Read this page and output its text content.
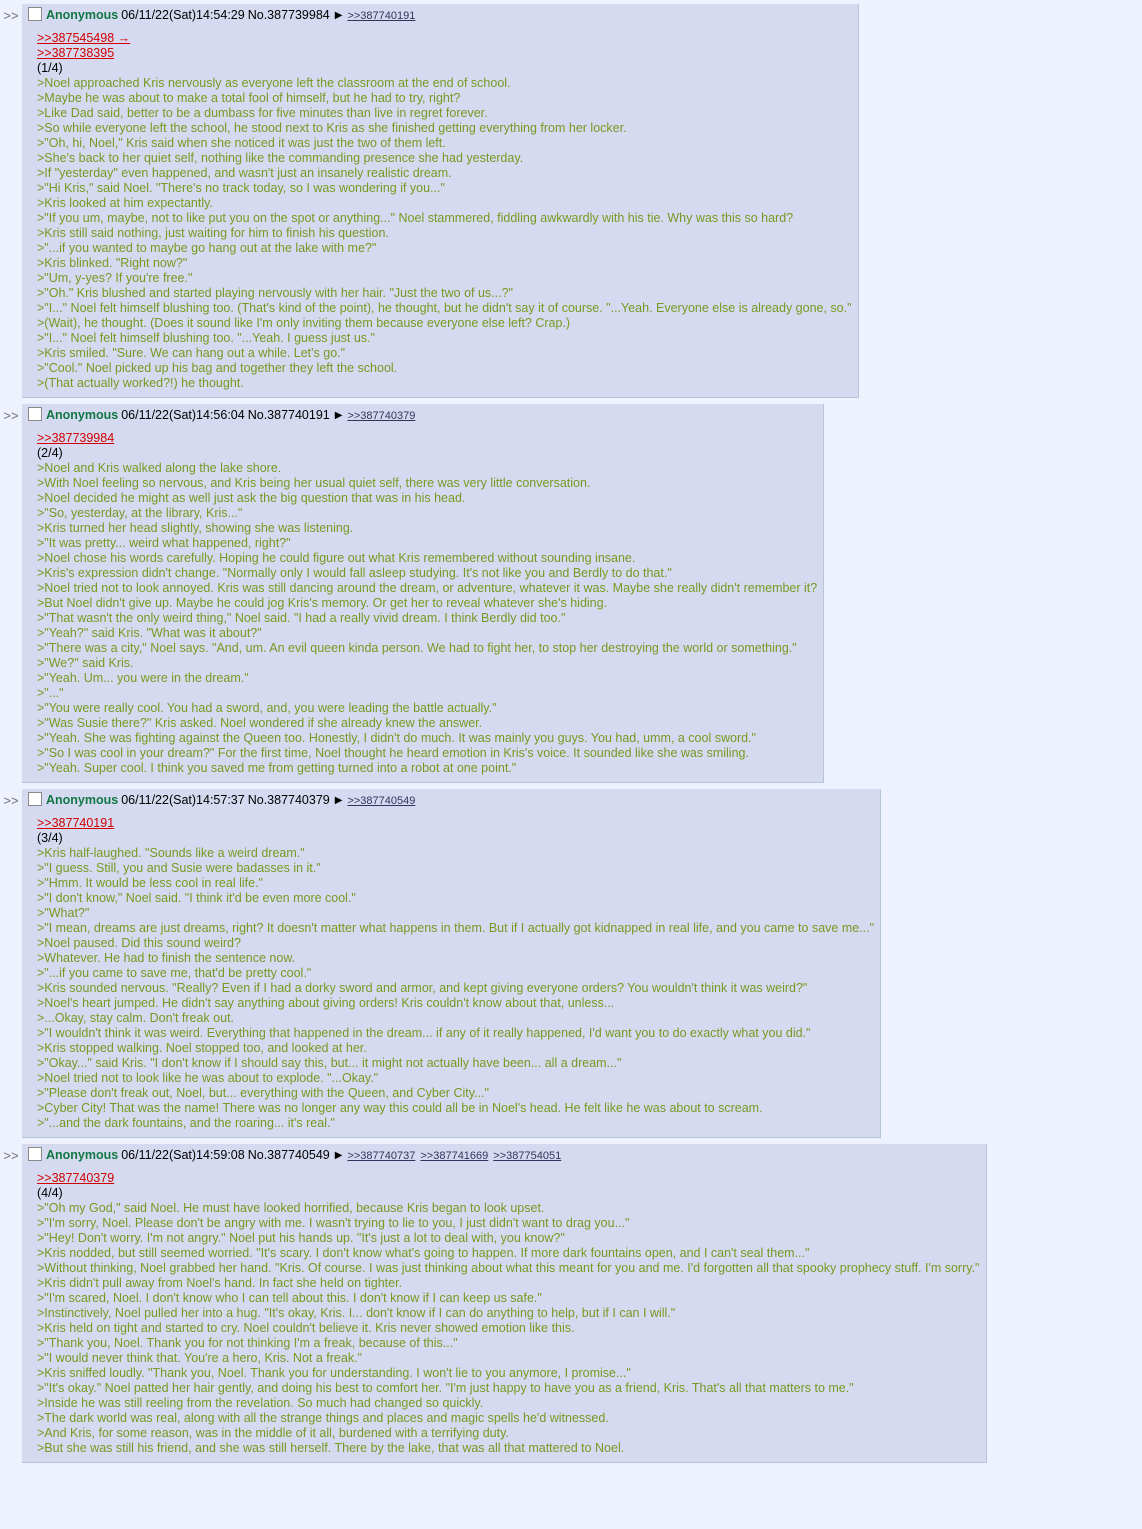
>>	Anonymous 06/11/22(Sat)14:54:29 No.387739984 ▶ >>387740191
>>387545498 →
>>387738395
(1/4)
>Noel approached Kris nervously as everyone left the classroom at the end of school.
>Maybe he was about to make a total fool of himself, but he had to try, right?
>Like Dad said, better to be a dumbass for five minutes than live in regret forever.
>So while everyone left the school, he stood next to Kris as she finished getting everything from her locker.
>"Oh, hi, Noel," Kris said when she noticed it was just the two of them left.
>She's back to her quiet self, nothing like the commanding presence she had yesterday.
>If "yesterday" even happened, and wasn't just an insanely realistic dream.
>"Hi Kris," said Noel. "There's no track today, so I was wondering if you..."
>Kris looked at him expectantly.
>"If you um, maybe, not to like put you on the spot or anything..." Noel stammered, fiddling awkwardly with his tie. Why was this so hard?
>Kris still said nothing, just waiting for him to finish his question.
>"...if you wanted to maybe go hang out at the lake with me?"
>Kris blinked. "Right now?"
>"Um, y-yes? If you're free."
>"Oh." Kris blushed and started playing nervously with her hair. "Just the two of us...?"
>"I..." Noel felt himself blushing too. (That's kind of the point), he thought, but he didn't say it of course. "...Yeah. Everyone else is already gone, so."
>(Wait), he thought. (Does it sound like I'm only inviting them because everyone else left? Crap.)
>"I..." Noel felt himself blushing too. "...Yeah. I guess just us."
>Kris smiled. "Sure. We can hang out a while. Let's go."
>"Cool." Noel picked up his bag and together they left the school.
>(That actually worked?!) he thought.
>>	Anonymous 06/11/22(Sat)14:56:04 No.387740191 ▶ >>387740379
>>387739984
(2/4)
>Noel and Kris walked along the lake shore.
>With Noel feeling so nervous, and Kris being her usual quiet self, there was very little conversation.
>Noel decided he might as well just ask the big question that was in his head.
>"So, yesterday, at the library, Kris..."
>Kris turned her head slightly, showing she was listening.
>"It was pretty... weird what happened, right?"
>Noel chose his words carefully. Hoping he could figure out what Kris remembered without sounding insane.
>Kris's expression didn't change. "Normally only I would fall asleep studying. It's not like you and Berdly to do that."
>Noel tried not to look annoyed. Kris was still dancing around the dream, or adventure, whatever it was. Maybe she really didn't remember it?
>But Noel didn't give up. Maybe he could jog Kris's memory. Or get her to reveal whatever she's hiding.
>"That wasn't the only weird thing," Noel said. "I had a really vivid dream. I think Berdly did too."
>"Yeah?" said Kris. "What was it about?"
>"There was a city," Noel says. "And, um. An evil queen kinda person. We had to fight her, to stop her destroying the world or something."
>"We?" said Kris.
>"Yeah. Um... you were in the dream."
>"..."
>"You were really cool. You had a sword, and, you were leading the battle actually."
>"Was Susie there?" Kris asked. Noel wondered if she already knew the answer.
>"Yeah. She was fighting against the Queen too. Honestly, I didn't do much. It was mainly you guys. You had, umm, a cool sword."
>"So I was cool in your dream?" For the first time, Noel thought he heard emotion in Kris's voice. It sounded like she was smiling.
>"Yeah. Super cool. I think you saved me from getting turned into a robot at one point."
>>	Anonymous 06/11/22(Sat)14:57:37 No.387740379 ▶ >>387740549
>>387740191
(3/4)
>Kris half-laughed. "Sounds like a weird dream."
>"I guess. Still, you and Susie were badasses in it."
>"Hmm. It would be less cool in real life."
>"I don't know," Noel said. "I think it'd be even more cool."
>"What?"
>"I mean, dreams are just dreams, right? It doesn't matter what happens in them. But if I actually got kidnapped in real life, and you came to save me..."
>Noel paused. Did this sound weird?
>Whatever. He had to finish the sentence now.
>"...if you came to save me, that'd be pretty cool."
>Kris sounded nervous. "Really? Even if I had a dorky sword and armor, and kept giving everyone orders? You wouldn't think it was weird?"
>Noel's heart jumped. He didn't say anything about giving orders! Kris couldn't know about that, unless...
>...Okay, stay calm. Don't freak out.
>"I wouldn't think it was weird. Everything that happened in the dream... if any of it really happened, I'd want you to do exactly what you did."
>Kris stopped walking. Noel stopped too, and looked at her.
>"Okay..." said Kris. "I don't know if I should say this, but... it might not actually have been... all a dream..."
>Noel tried not to look like he was about to explode. "...Okay."
>"Please don't freak out, Noel, but... everything with the Queen, and Cyber City..."
>Cyber City! That was the name! There was no longer any way this could all be in Noel's head. He felt like he was about to scream.
>"...and the dark fountains, and the roaring... it's real."
>>	Anonymous 06/11/22(Sat)14:59:08 No.387740549 ▶ >>387740737 >>387741669 >>387754051
>>387740379
(4/4)
>"Oh my God," said Noel. He must have looked horrified, because Kris began to look upset.
>"I'm sorry, Noel. Please don't be angry with me. I wasn't trying to lie to you, I just didn't want to drag you..."
>"Hey! Don't worry. I'm not angry." Noel put his hands up. "It's just a lot to deal with, you know?"
>Kris nodded, but still seemed worried. "It's scary. I don't know what's going to happen. If more dark fountains open, and I can't seal them..."
>Without thinking, Noel grabbed her hand. "Kris. Of course. I was just thinking about what this meant for you and me. I'd forgotten all that spooky prophecy stuff. I'm sorry."
>Kris didn't pull away from Noel's hand. In fact she held on tighter.
>"I'm scared, Noel. I don't know who I can tell about this. I don't know if I can keep us safe."
>Instinctively, Noel pulled her into a hug. "It's okay, Kris. I... don't know if I can do anything to help, but if I can I will."
>Kris held on tight and started to cry. Noel couldn't believe it. Kris never showed emotion like this.
>"Thank you, Noel. Thank you for not thinking I'm a freak, because of this..."
>"I would never think that. You're a hero, Kris. Not a freak."
>Kris sniffed loudly. "Thank you, Noel. Thank you for understanding. I won't lie to you anymore, I promise..."
>"It's okay." Noel patted her hair gently, and doing his best to comfort her. "I'm just happy to have you as a friend, Kris. That's all that matters to me."
>Inside he was still reeling from the revelation. So much had changed so quickly.
>The dark world was real, along with all the strange things and places and magic spells he'd witnessed.
>And Kris, for some reason, was in the middle of it all, burdened with a terrifying duty.
>But she was still his friend, and she was still herself. There by the lake, that was all that mattered to Noel.
